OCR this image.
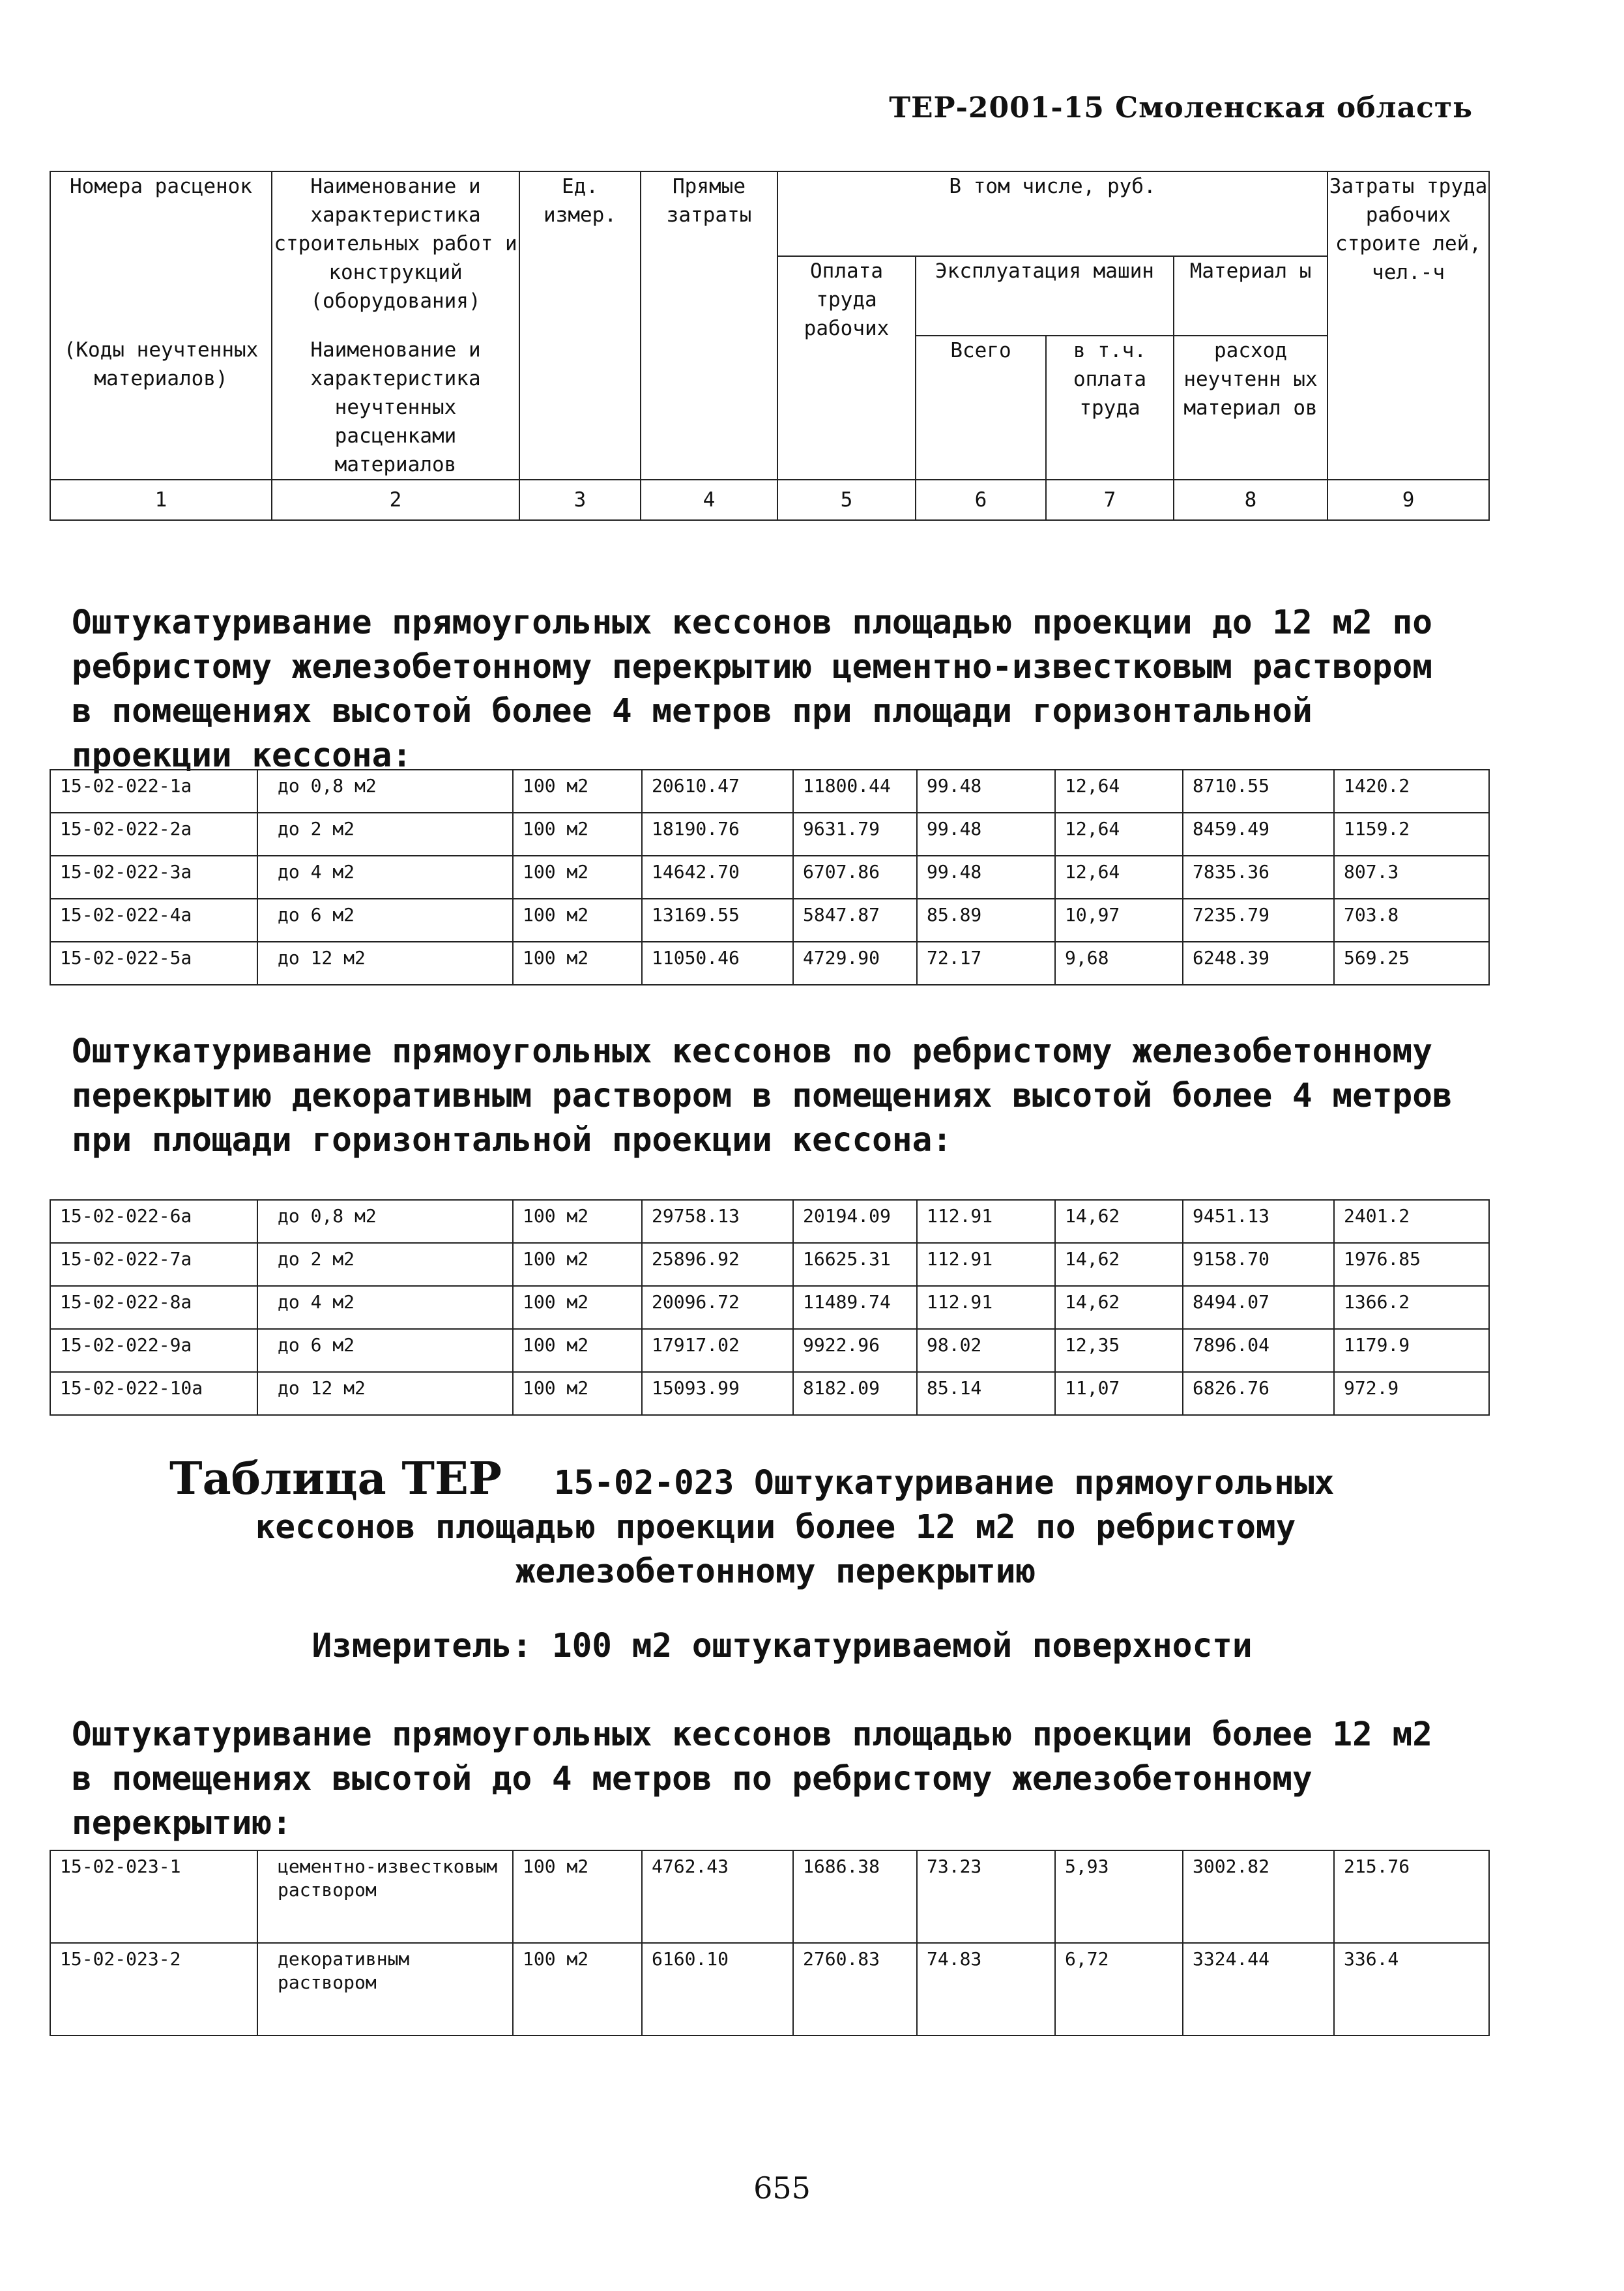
ТЕР-2001-15 Смоленская область
Номера расценок	Наименование и характеристика строительных работ и конструкций (оборудования)	Ед. измер.	Прямые затраты	В том числе, руб.				Затраты труда рабочих строите лей, чел.-ч
				Оплата труда рабочих	Эксплуатация машин		Материал ы	
(Коды неучтенных материалов)	Наименование и характеристика неучтенных расценками материалов				Всего	в т.ч. оплата труда	расход неучтенн ых материал ов	

1	2	3	4	5	6	7	8	9

Оштукатуривание прямоугольных кессонов площадью проекции до 12 м2 по ребристому железобетонному перекрытию цементно-известковым раствором в помещениях высотой более 4 метров при площади горизонтальной проекции кессона:

15-02-022-1а	до 0,8 м2	100 м2	20610.47	11800.44	99.48	12,64	8710.55	1420.2
15-02-022-2а	до 2 м2	100 м2	18190.76	9631.79	99.48	12,64	8459.49	1159.2
15-02-022-3а	до 4 м2	100 м2	14642.70	6707.86	99.48	12,64	7835.36	807.3
15-02-022-4а	до 6 м2	100 м2	13169.55	5847.87	85.89	10,97	7235.79	703.8
15-02-022-5а	до 12 м2	100 м2	11050.46	4729.90	72.17	9,68	6248.39	569.25

Оштукатуривание прямоугольных кессонов по ребристому железобетонному перекрытию декоративным раствором в помещениях высотой более 4 метров при площади горизонтальной проекции кессона:

15-02-022-6а	до 0,8 м2	100 м2	29758.13	20194.09	112.91	14,62	9451.13	2401.2
15-02-022-7а	до 2 м2	100 м2	25896.92	16625.31	112.91	14,62	9158.70	1976.85
15-02-022-8а	до 4 м2	100 м2	20096.72	11489.74	112.91	14,62	8494.07	1366.2
15-02-022-9а	до 6 м2	100 м2	17917.02	9922.96	98.02	12,35	7896.04	1179.9
15-02-022-10а	до 12 м2	100 м2	15093.99	8182.09	85.14	11,07	6826.76	972.9
Таблица ТЕР 15-02-023 Оштукатуривание прямоугольных
кессонов площадью проекции более 12 м2 по ребристому
железобетонному перекрытию

Измеритель: 100 м2 оштукатуриваемой поверхности

Оштукатуривание прямоугольных кессонов площадью проекции более 12 м2 в помещениях высотой до 4 метров по ребристому железобетонному перекрытию:

15-02-023-1	цементно-известковым раствором	100 м2	4762.43	1686.38	73.23	5,93	3002.82	215.76
15-02-023-2	декоративным раствором	100 м2	6160.10	2760.83	74.83	6,72	3324.44	336.4
655
